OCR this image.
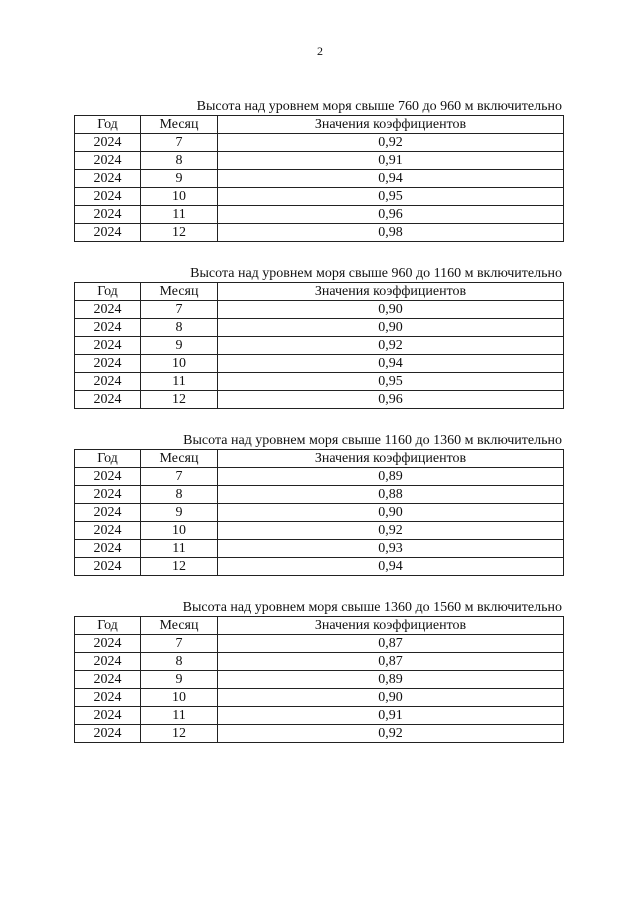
2
Высота над уровнем моря свыше 760 до 960 м включительно
Год	Месяц	Значения коэффициентов
2024	7	0,92
2024	8	0,91
2024	9	0,94
2024	10	0,95
2024	11	0,96
2024	12	0,98
Высота над уровнем моря свыше 960 до 1160 м включительно
Год	Месяц	Значения коэффициентов
2024	7	0,90
2024	8	0,90
2024	9	0,92
2024	10	0,94
2024	11	0,95
2024	12	0,96
Высота над уровнем моря свыше 1160 до 1360 м включительно
Год	Месяц	Значения коэффициентов
2024	7	0,89
2024	8	0,88
2024	9	0,90
2024	10	0,92
2024	11	0,93
2024	12	0,94
Высота над уровнем моря свыше 1360 до 1560 м включительно
Год	Месяц	Значения коэффициентов
2024	7	0,87
2024	8	0,87
2024	9	0,89
2024	10	0,90
2024	11	0,91
2024	12	0,92
